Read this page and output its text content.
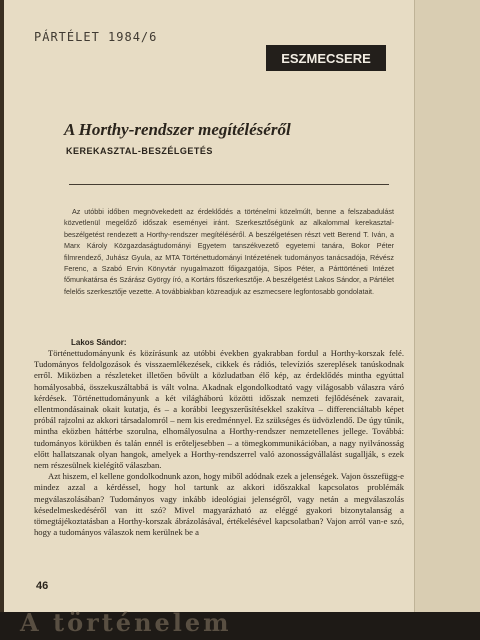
PÁRTÉLET 1984/6
ESZMECSERE
A Horthy-rendszer megítéléséről
KEREKASZTAL-BESZÉLGETÉS

Az utóbbi időben megnövekedett az érdeklődés a történelmi közelmúlt, benne a felszabadulást közvetlenül megelőző időszak eseményei iránt. Szerkesztőségünk az alkalommal kerekasztal-beszélgetést rendezett a Horthy-rendszer megítéléséről. A beszélgetésen részt vett Berend T. Iván, a Marx Károly Közgazdaságtudományi Egyetem tanszékvezető egyetemi tanára, Bokor Péter filmrendező, Juhász Gyula, az MTA Történettudományi Intézetének tudományos tanácsadója, Révész Ferenc, a Szabó Ervin Könyvtár nyugalmazott főigazgatója, Sipos Péter, a Párttörténeti Intézet főmunkatársa és Szárász György író, a Kortárs főszerkesztője. A beszélgetést Lakos Sándor, a Pártélet felelős szerkesztője vezette. A továbbiakban közreadjuk az eszmecsere legfontosabb gondolatait.

Lakos Sándor:

Történettudományunk és közírásunk az utóbbi években gyakrabban fordul a Horthy-korszak felé. Tudományos feldolgozások és visszaemlékezések, cikkek és rádiós, televíziós szereplések tanúskodnak erről. Miközben a részleteket illetően bővült a közludatban élő kép, az érdeklődés mintha egyúttal homályosabbá, összekuszáltabbá is vált volna. Akadnak elgondolkodtató vagy világosabb válaszra váró kérdések. Történettudományunk a két világháború közötti időszak nemzeti fejlődésének zavarait, ellentmondásainak okait kutatja, és – a korábbi leegyszerűsítésekkel szakítva – differenciáltabb képet próbál rajzolni az akkori társadalomról – nem kis eredménnyel. Ez szükséges és üdvözlendő. De úgy tűnik, mintha eközben háttérbe szorulna, elhomályosulna a Horthy-rendszer nemzetellenes jellege. Továbbá: tudományos körükben és talán ennél is erőteljesebben – a tömegkommunikációban, a nagy nyilvánosság előtt hallatszanak olyan hangok, amelyek a Horthy-rendszerrel való azonosságvállalást sugallják, s ezek nem részesülnek kielégítő válaszban.

Azt hiszem, el kellene gondolkodnunk azon, hogy miből adódnak ezek a jelenségek. Vajon összefügg-e mindez azzal a kérdéssel, hogy hol tartunk az akkori időszakkal kapcsolatos problémák megválaszolásában? Tudományos vagy inkább ideológiai jelenségről, vagy netán a megválaszolás késedelmeskedéséről van itt szó? Mivel magyarázható az eléggé gyakori bizonytalanság a tömegtájékoztatásban a Horthy-korszak ábrázolásával, értékelésével kapcsolatban? Vajon arról van-e szó, hogy a tudományos válaszok nem kerülnek be a

46
A történelem
